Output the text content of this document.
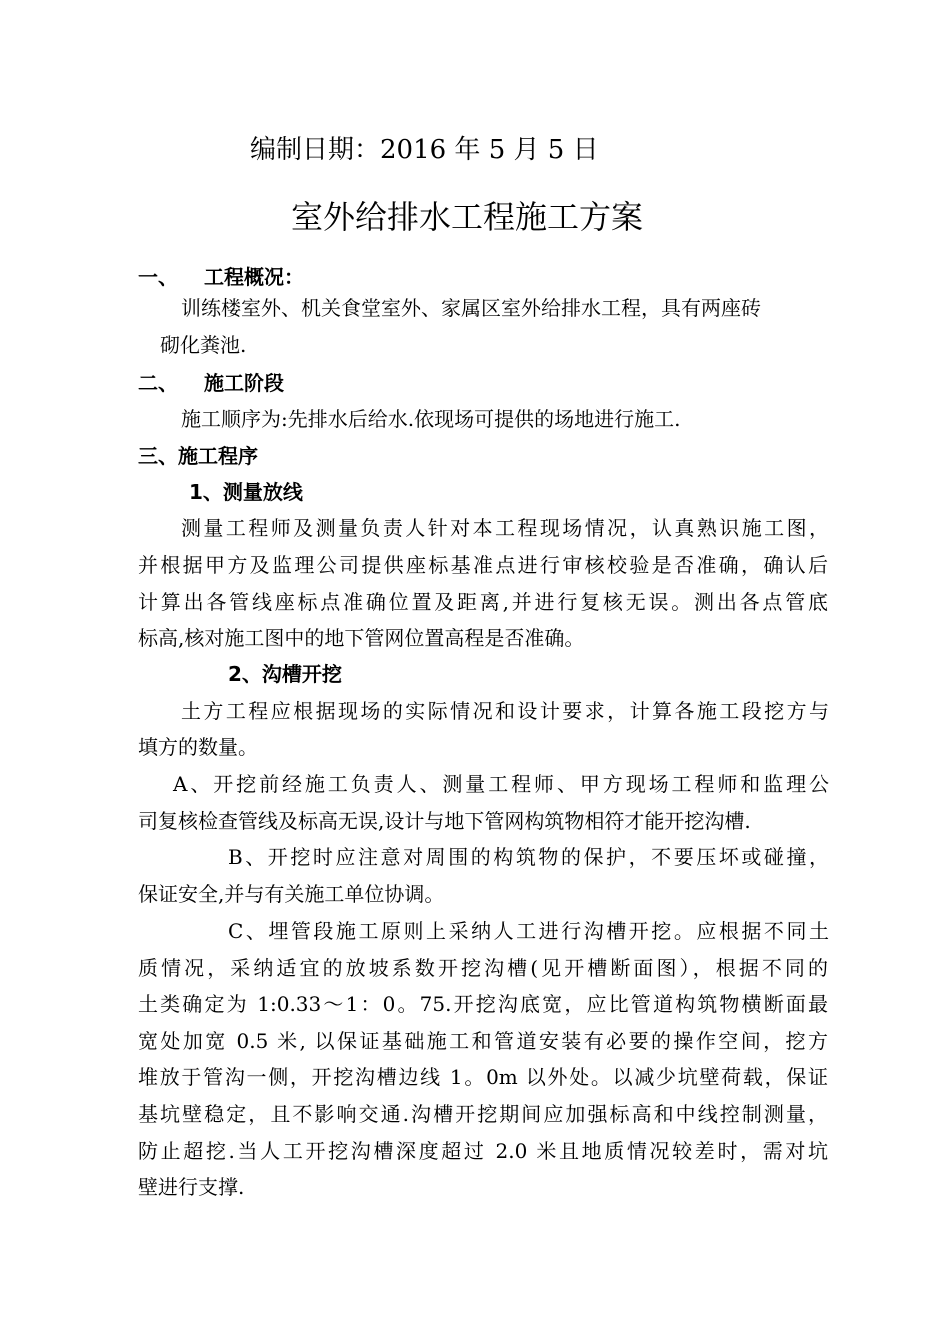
编制日期：2016 年 5 月 5 日
室外给排水工程施工方案
一、 工程概况：
训练楼室外、机关食堂室外、家属区室外给排水工程，具有两座砖
砌化粪池.
二、 施工阶段
施工顺序为:先排水后给水.依现场可提供的场地进行施工.
三、施工程序
1、测量放线
测量工程师及测量负责人针对本工程现场情况，认真熟识施工图，
并根据甲方及监理公司提供座标基准点进行审核校验是否准确，确认后
计算出各管线座标点准确位置及距离,并进行复核无误。测出各点管底
标高,核对施工图中的地下管网位置高程是否准确。
2、沟槽开挖
土方工程应根据现场的实际情况和设计要求，计算各施工段挖方与
填方的数量。
A、开挖前经施工负责人、测量工程师、甲方现场工程师和监理公
司复核检查管线及标高无误,设计与地下管网构筑物相符才能开挖沟槽.
B、开挖时应注意对周围的构筑物的保护，不要压坏或碰撞，
保证安全,并与有关施工单位协调。
C、埋管段施工原则上采纳人工进行沟槽开挖。应根据不同土
质情况，采纳适宜的放坡系数开挖沟槽(见开槽断面图），根据不同的
土类确定为 1:0.33～1：0。75.开挖沟底宽，应比管道构筑物横断面最
宽处加宽 0.5 米, 以保证基础施工和管道安装有必要的操作空间，挖方
堆放于管沟一侧，开挖沟槽边线 1。0m 以外处。以减少坑壁荷载，保证
基坑壁稳定，且不影响交通.沟槽开挖期间应加强标高和中线控制测量，
防止超挖.当人工开挖沟槽深度超过 2.0 米且地质情况较差时，需对坑
壁进行支撑.
